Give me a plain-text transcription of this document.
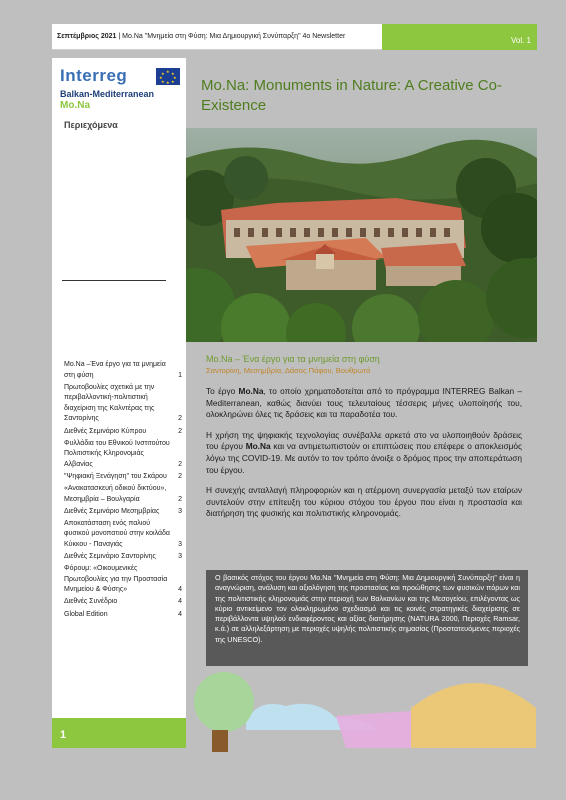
Σεπτέμβριος 2021 | Mo.Na "Μνημεία στη Φύση: Μια Δημιουργική Συνύπαρξη" 4ο Newsletter	Vol. 1
Interreg	★ ★
★
★
★
★
★
★
Balkan-Mediterranean
Mo.Na
Περιεχόμενα
Mo.Na –Ένα έργο για τα μνημεία στη φύση	1
Πρωτοβουλίες σχετικά με την περιβαλλοντική-πολιτιστική διαχείριση της Καλντέρας της Σαντορίνης	2
Διεθνές Σεμινάριο Κύπρου	2
Φυλλάδια του Εθνικού Ινστιτούτου Πολιτιστικής Κληρονομιάς Αλβανίας	2
"Ψηφιακή Ξενάγηση" του Σκάρου 2
«Ανακατασκευή οδικού δικτύου», Μεσημβρία – Βουλγαρία	2
Διεθνές Σεμινάριο Μεσημβρίας	3
Αποκατάσταση ενός παλιού φυσικού μονοπατιού στην κοιλάδα Κύκκου - Παναγιάς	3
Διεθνές Σεμινάριο Σαντορίνης	3
Φόρουμ: «Οικουμενικές Πρωτοβουλίες για την Προστασία Μνημείου & Φύσης»	4
Διεθνές Συνέδριο	4
Global Edition	4
1
Mo.Na: Monuments in Nature: A Creative Co-Existence
Mo.Na – Ένα έργο για τα μνημεία στη φύση
Σαντορίνη, Μεσημβρία, Δάσος Πάφου, Βουθρωτό

Το έργο Mo.Na, το οποίο χρηματοδοτείται από το πρόγραμμα INTERREG Balkan – Mediterranean, καθώς διανύει τους τελευταίους τέσσερις μήνες υλοποίησής του, ολοκληρώνει όλες τις δράσεις και τα παραδοτέα του.

Η χρήση της ψηφιακής τεχνολογίας συνέβαλλε αρκετά στο να υλοποιηθούν δράσεις του έργου Mo.Na και να αντιμετωπιστούν οι επιπτώσεις που επέφερε ο αποκλεισμός λόγω της COVID-19. Με αυτόν το τον τρόπο άνοιξε ο δρόμος προς την αποπεράτωση του έργου.

Η συνεχής ανταλλαγή πληροφοριών και η ατέρμονη συνεργασία μεταξύ των εταίρων συντελούν στην επίτευξη του κύριου στόχου του έργου που είναι η προστασία και διατήρηση της φυσικής και πολιτιστικής κληρονομιάς.

Ο βασικός στόχος του έργου Mo.Na "Μνημεία στη Φύση: Μια Δημιουργική Συνύπαρξη" είναι η αναγνώριση, ανάλυση και αξιολόγηση της προστασίας και προώθησης των φυσικών πόρων και της πολιτιστικής κληρονομιάς στην περιοχή των Βαλκανίων και της Μεσογείου, επιλέγοντας ως κύριο αντικείμενο τον ολοκληρωμένο σχεδιασμό και τις κοινές στρατηγικές διαχείρισης σε περιβάλλοντα υψηλού ενδιαφέροντος και αξίας διατήρησης (NATURA 2000, Περιοχές Ramsar, κ.ά.) σε αλληλεξάρτηση με περιοχές υψηλής πολιτιστικής σημασίας (Προστατευόμενες περιοχές της UNESCO).
